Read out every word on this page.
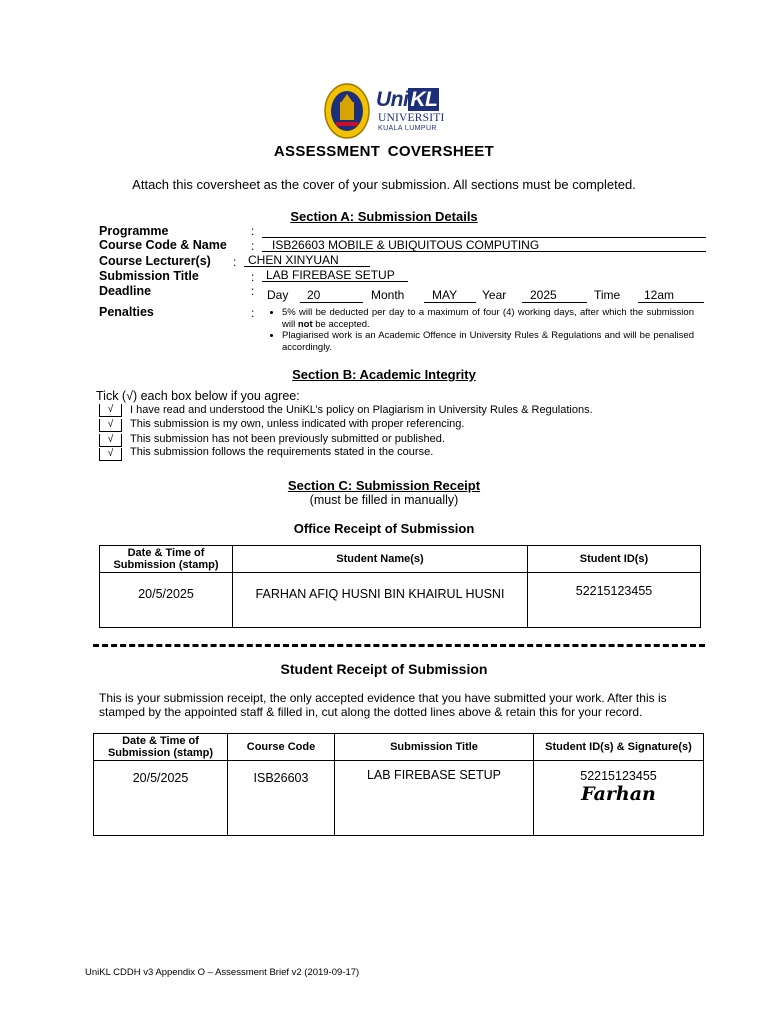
UniKL
UNIVERSITI
KUALA LUMPUR
ASSESSMENT COVERSHEET
Attach this coversheet as the cover of your submission. All sections must be completed.
Section A: Submission Details
Programme	:
Course Code & Name :	ISB26603 MOBILE & UBIQUITOUS COMPUTING
Course Lecturer(s) : CHEN XINYUAN
Submission Title	: LAB FIREBASE SETUP
Deadline	: Day	20	Month	MAY	Year	2025	Time	12am
Penalties	:	• 5% will be deducted per day to a maximum of four (4) working days, after which the submission will not be accepted.
• Plagiarised work is an Academic Offence in University Rules & Regulations and will be penalised accordingly.
Section B: Academic Integrity
Tick (√) each box below if you agree:
√	I have read and understood the UniKL’s policy on Plagiarism in University Rules & Regulations.
√	This submission is my own, unless indicated with proper referencing.
√	This submission has not been previously submitted or published.
√	This submission follows the requirements stated in the course.
Section C: Submission Receipt
(must be filled in manually)
Office Receipt of Submission
Date & Time of Submission (stamp)	Student Name(s)	Student ID(s)
20/5/2025	FARHAN AFIQ HUSNI BIN KHAIRUL HUSNI	52215123455
Student Receipt of Submission
This is your submission receipt, the only accepted evidence that you have submitted your work. After this is stamped by the appointed staff & filled in, cut along the dotted lines above & retain this for your record.
Date & Time of Submission (stamp)	Course Code	Submission Title	Student ID(s) & Signature(s)
20/5/2025	ISB26603	LAB FIREBASE SETUP	52215123455
Farhan
UniKL CDDH v3 Appendix O – Assessment Brief v2 (2019-09-17)
